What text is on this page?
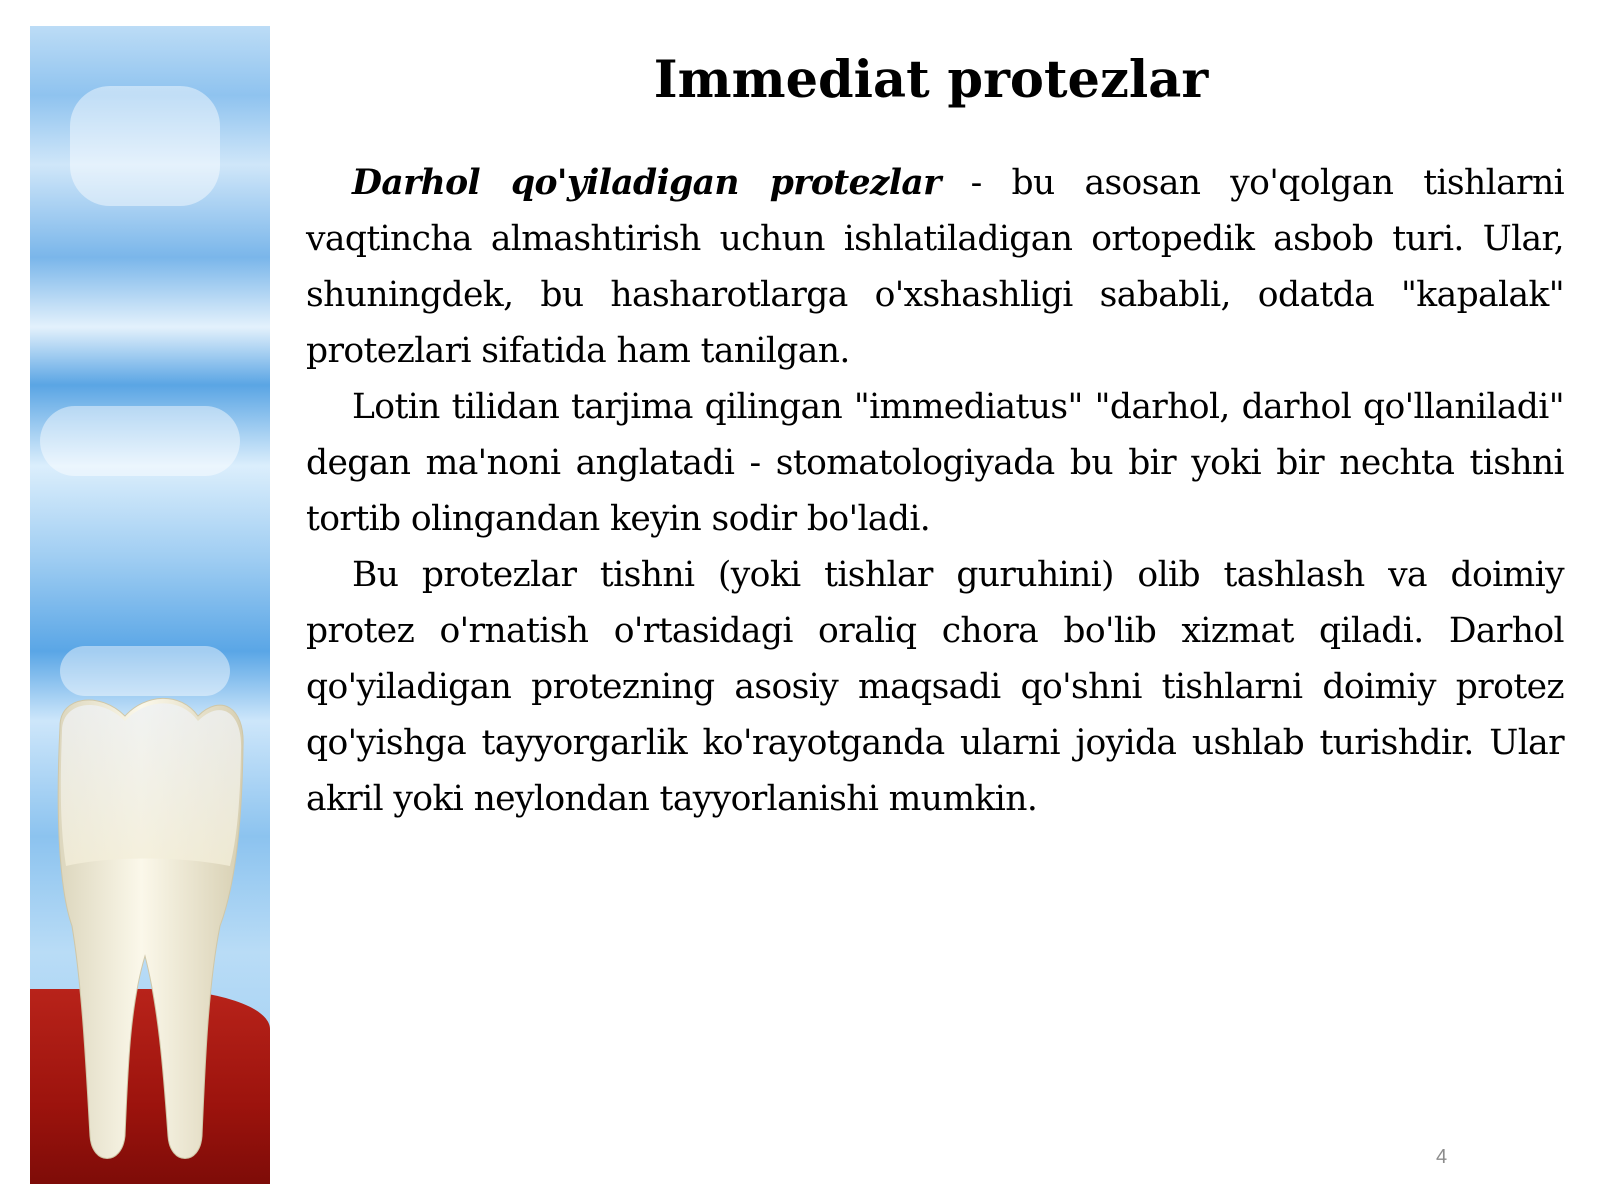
Immediat protezlar

Darhol qo'yiladigan protezlar - bu asosan yo'qolgan tishlarni vaqtincha almashtirish uchun ishlatiladigan ortopedik asbob turi. Ular, shuningdek, bu hasharotlarga o'xshashligi sababli, odatda "kapalak" protezlari sifatida ham tanilgan.

Lotin tilidan tarjima qilingan "immediatus" "darhol, darhol qo'llaniladi" degan ma'noni anglatadi - stomatologiyada bu bir yoki bir nechta tishni tortib olingandan keyin sodir bo'ladi.

Bu protezlar tishni (yoki tishlar guruhini) olib tashlash va doimiy protez o'rnatish o'rtasidagi oraliq chora bo'lib xizmat qiladi. Darhol qo'yiladigan protezning asosiy maqsadi qo'shni tishlarni doimiy protez qo'yishga tayyorgarlik ko'rayotganda ularni joyida ushlab turishdir. Ular akril yoki neylondan tayyorlanishi mumkin.

4
